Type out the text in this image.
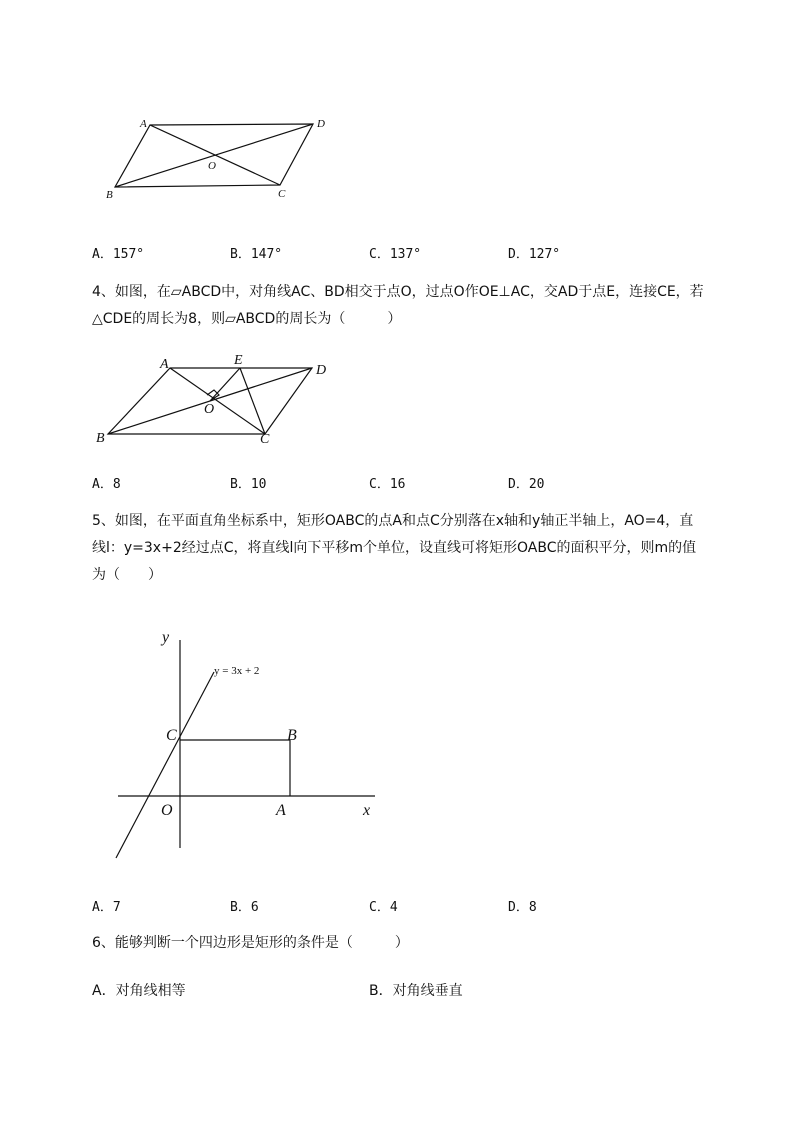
A	D
O
B	C
A．157°	B．147°	C．137°	D．127°

4、如图，在▱ABCD中，对角线AC、BD相交于点O，过点O作OE⊥AC，交AD于点E，连接CE，若

△CDE的周长为8，则▱ABCD的周长为（　　　）

A	E
D
O
B	C
A．8	B．10	C．16	D．20

5、如图，在平面直角坐标系中，矩形OABC的点A和点C分别落在x轴和y轴正半轴上，AO=4，直

线l：y=3x+2经过点C，将直线l向下平移m个单位，设直线可将矩形OABC的面积平分，则m的值

为（　　）

y
y = 3x + 2
C	B
O	A	x
A．7	B．6	C．4	D．8

6、能够判断一个四边形是矩形的条件是（　　　）

A．对角线相等	B．对角线垂直
